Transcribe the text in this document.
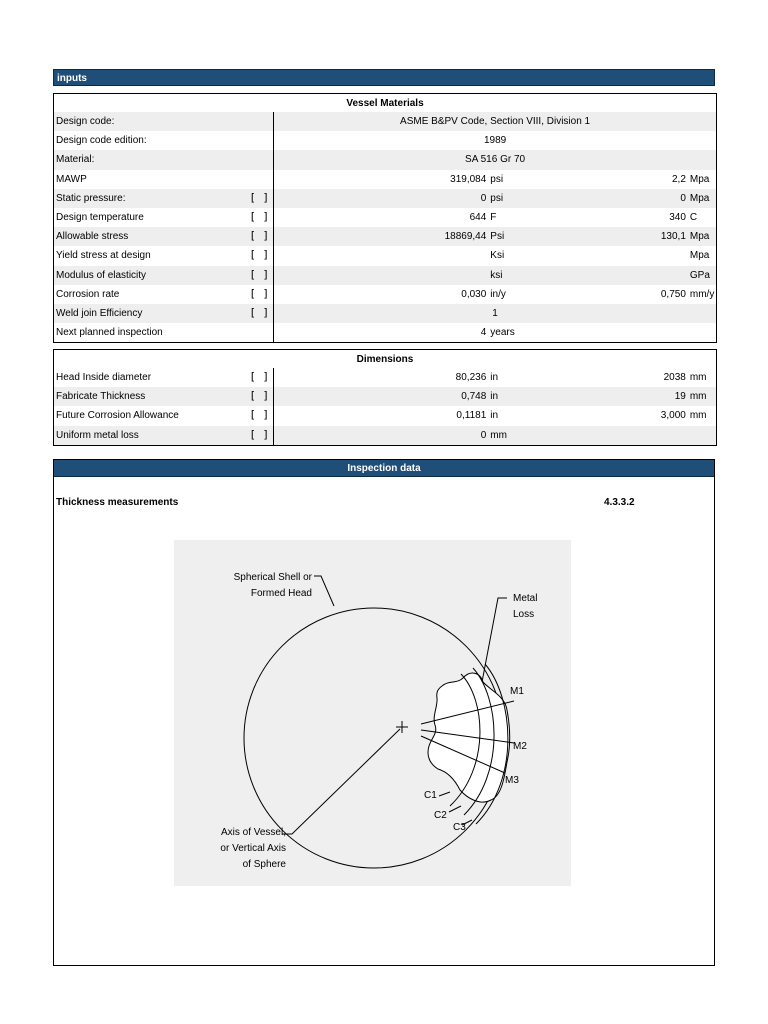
inputs
Vessel Materials				
Design code:	ASME B&PV Code, Section VIII, Division 1			
Design code edition:	1989			
Material:	SA 516 Gr 70			
MAWP	319,084	psi	2,2	Mpa
Static pressure: [ ]	0	psi	0	Mpa
Design temperature [ ]	644	F	340	C
Allowable stress [ ]	18869,44	Psi	130,1	Mpa
Yield stress at design [ ]		Ksi		Mpa
Modulus of elasticity [ ]		ksi		GPa
Corrosion rate [ ]	0,030	in/y	0,750	mm/y
Weld join Efficiency [ ]	1			
Next planned inspection	4	years		
Dimensions				
Head Inside diameter [ ]	80,236	in	2038	mm
Fabricate Thickness [ ]	0,748	in	19	mm
Future Corrosion Allowance [ ]	0,1181	in	3,000	mm
Uniform metal loss [ ]	0	mm		
Inspection data
Thickness measurements	4.3.3.2
Spherical Shell or
Formed Head	Metal
Loss
Axis of Vessel,
or Vertical Axis
of Sphere
M1
M2
M3
C1
C2
C3
